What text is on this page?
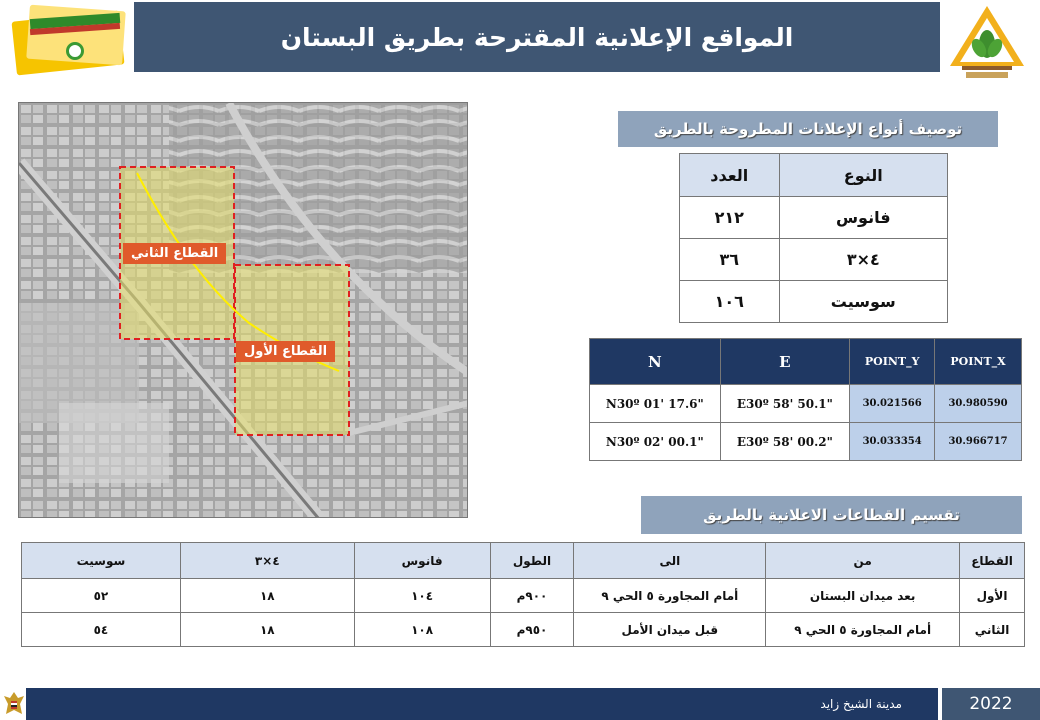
المواقع الإعلانية المقترحة بطريق البستان
القطاع الثاني
القطاع الأول
توصيف أنواع الإعلانات المطروحة بالطريق
النوع	العدد
فانوس	٢١٢
٤×٣	٣٦
سوسيت	١٠٦
N	E	POINT_Y	POINT_X
N30º 01' 17.6"	E30º 58' 50.1"	30.021566	30.980590
N30º 02' 00.1"	E30º 58' 00.2"	30.033354	30.966717
تقسيم القطاعات الاعلانية بالطريق
القطاع	من	الى	الطول	فانوس	٤×٣	سوسيت
الأول	بعد ميدان البستان	أمام المجاورة ٥ الحي ٩	٩٠٠م	١٠٤	١٨	٥٢
الثاني	أمام المجاورة ٥ الحي ٩	قبل ميدان الأمل	٩٥٠م	١٠٨	١٨	٥٤
مدينة الشيخ زايد	2022
